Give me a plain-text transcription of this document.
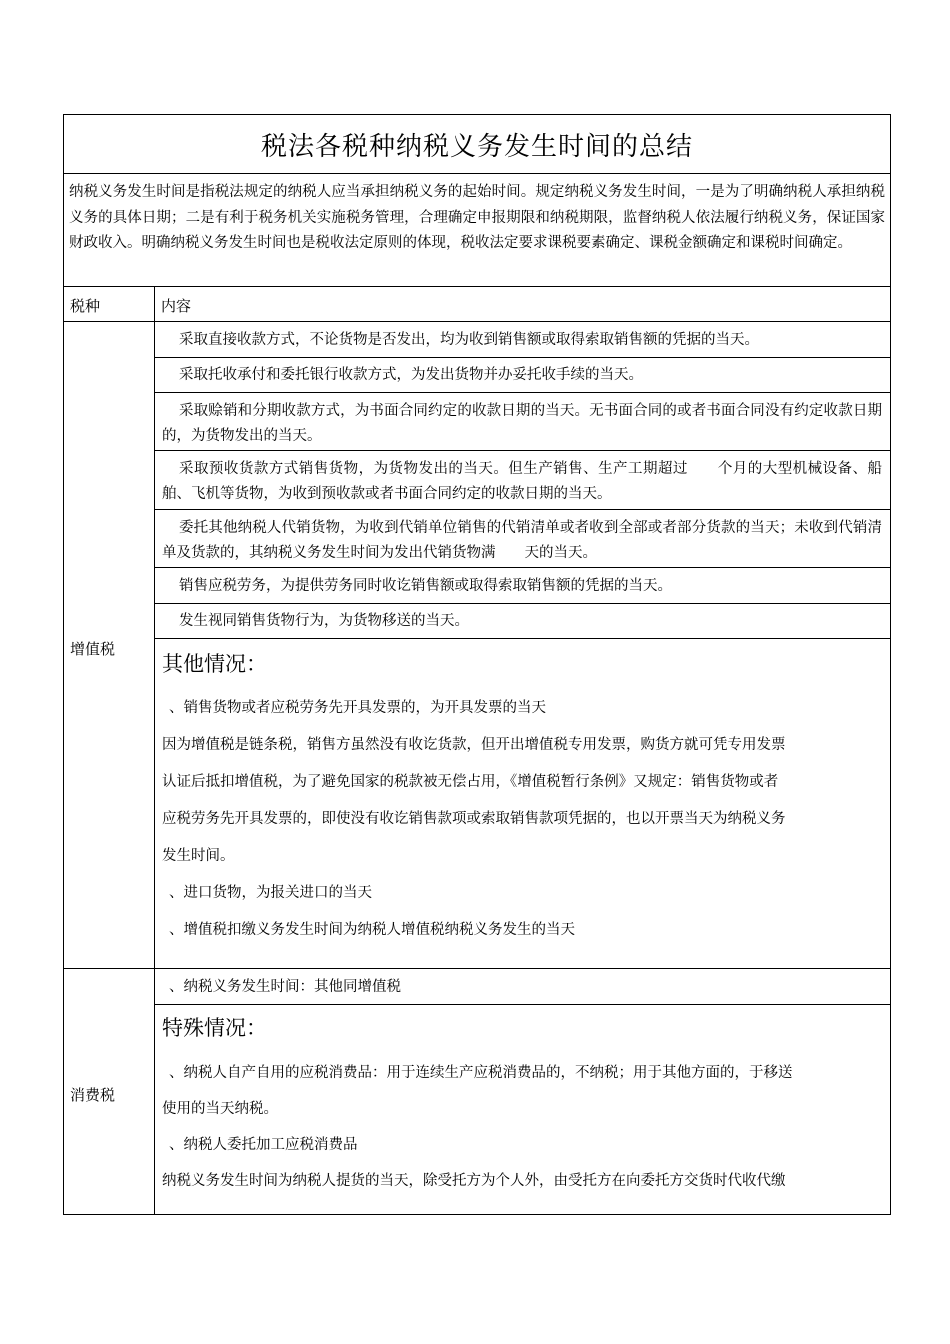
税法各税种纳税义务发生时间的总结
纳税义务发生时间是指税法规定的纳税人应当承担纳税义务的起始时间。规定纳税义务发生时间，一是为了明确纳税人承担纳税义务的具体日期；二是有利于税务机关实施税务管理，合理确定申报期限和纳税期限，监督纳税人依法履行纳税义务，保证国家财政收入。明确纳税义务发生时间也是税收法定原则的体现，税收法定要求课税要素确定、课税金额确定和课税时间确定。
税种	内容
增值税
采取直接收款方式，不论货物是否发出，均为收到销售额或取得索取销售额的凭据的当天。
采取托收承付和委托银行收款方式，为发出货物并办妥托收手续的当天。
采取赊销和分期收款方式，为书面合同约定的收款日期的当天。无书面合同的或者书面合同没有约定收款日期的，为货物发出的当天。
采取预收货款方式销售货物，为货物发出的当天。但生产销售、生产工期超过　　个月的大型机械设备、船舶、飞机等货物，为收到预收款或者书面合同约定的收款日期的当天。
委托其他纳税人代销货物，为收到代销单位销售的代销清单或者收到全部或者部分货款的当天；未收到代销清单及货款的，其纳税义务发生时间为发出代销货物满　　天的当天。
销售应税劳务，为提供劳务同时收讫销售额或取得索取销售额的凭据的当天。
发生视同销售货物行为，为货物移送的当天。
其他情况：
、销售货物或者应税劳务先开具发票的，为开具发票的当天
因为增值税是链条税，销售方虽然没有收讫货款，但开出增值税专用发票，购货方就可凭专用发票
认证后抵扣增值税，为了避免国家的税款被无偿占用，《增值税暂行条例》又规定：销售货物或者
应税劳务先开具发票的，即使没有收讫销售款项或索取销售款项凭据的，也以开票当天为纳税义务
发生时间。
、进口货物，为报关进口的当天
、增值税扣缴义务发生时间为纳税人增值税纳税义务发生的当天
消费税
、纳税义务发生时间：其他同增值税
特殊情况：
、纳税人自产自用的应税消费品：用于连续生产应税消费品的，不纳税；用于其他方面的，于移送
使用的当天纳税。
、纳税人委托加工应税消费品
纳税义务发生时间为纳税人提货的当天，除受托方为个人外，由受托方在向委托方交货时代收代缴
